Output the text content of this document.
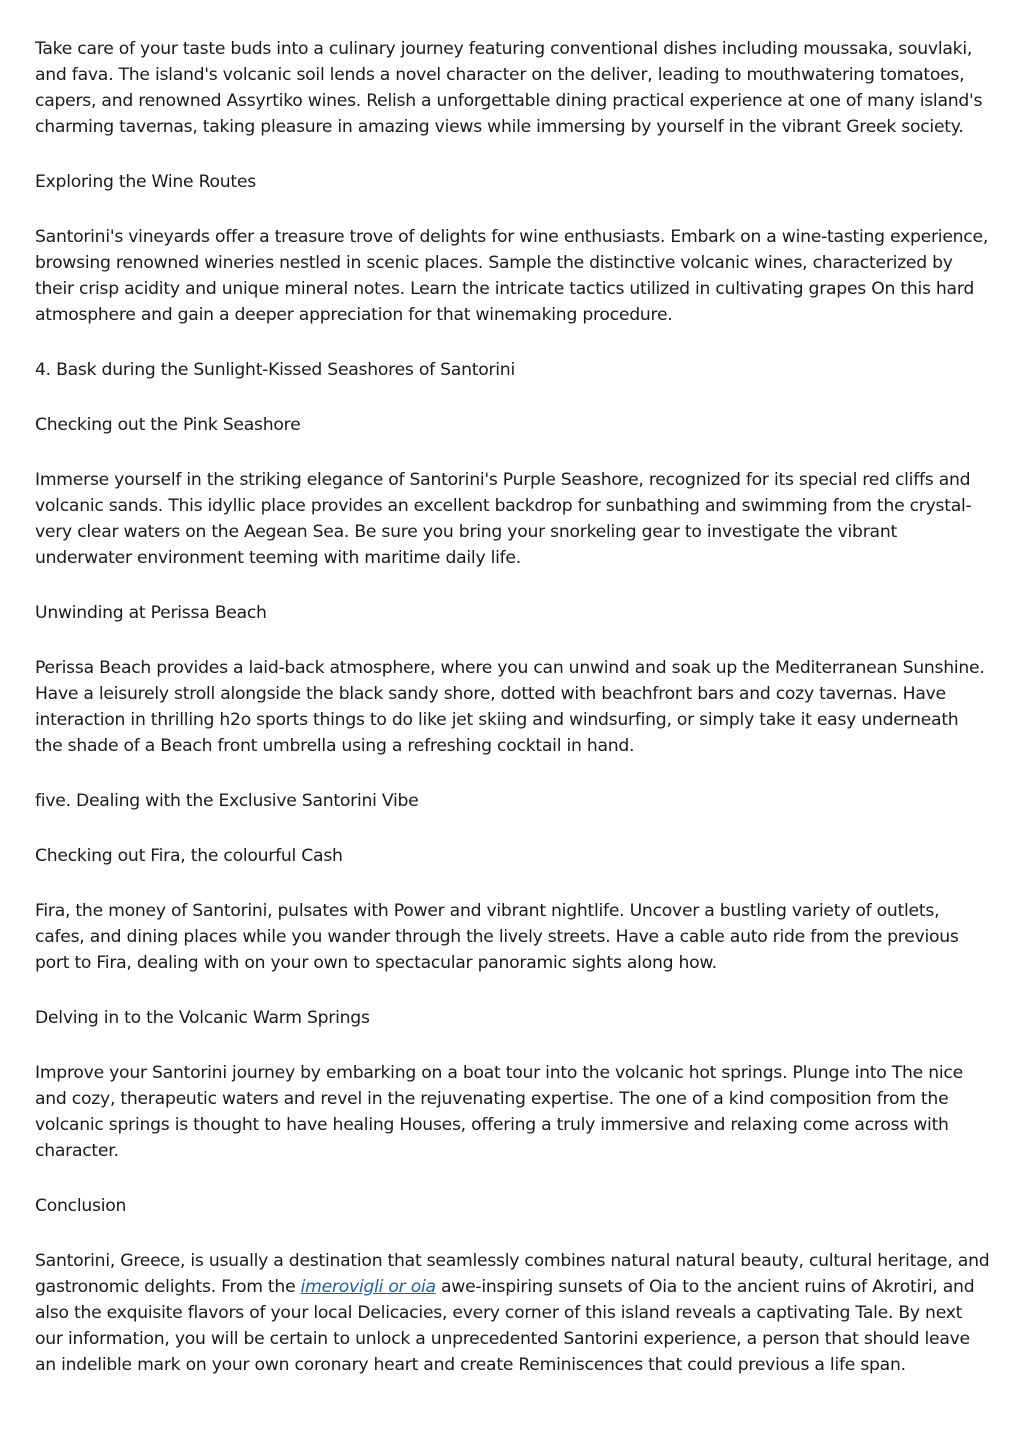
Take care of your taste buds into a culinary journey featuring conventional dishes including moussaka, souvlaki, and fava. The island's volcanic soil lends a novel character on the deliver, leading to mouthwatering tomatoes, capers, and renowned Assyrtiko wines. Relish a unforgettable dining practical experience at one of many island's charming tavernas, taking pleasure in amazing views while immersing by yourself in the vibrant Greek society.

Exploring the Wine Routes

Santorini's vineyards offer a treasure trove of delights for wine enthusiasts. Embark on a wine-tasting experience, browsing renowned wineries nestled in scenic places. Sample the distinctive volcanic wines, characterized by their crisp acidity and unique mineral notes. Learn the intricate tactics utilized in cultivating grapes On this hard atmosphere and gain a deeper appreciation for that winemaking procedure.

4. Bask during the Sunlight-Kissed Seashores of Santorini

Checking out the Pink Seashore

Immerse yourself in the striking elegance of Santorini's Purple Seashore, recognized for its special red cliffs and volcanic sands. This idyllic place provides an excellent backdrop for sunbathing and swimming from the crystal-very clear waters on the Aegean Sea. Be sure you bring your snorkeling gear to investigate the vibrant underwater environment teeming with maritime daily life.

Unwinding at Perissa Beach

Perissa Beach provides a laid-back atmosphere, where you can unwind and soak up the Mediterranean Sunshine. Have a leisurely stroll alongside the black sandy shore, dotted with beachfront bars and cozy tavernas. Have interaction in thrilling h2o sports things to do like jet skiing and windsurfing, or simply take it easy underneath the shade of a Beach front umbrella using a refreshing cocktail in hand.

five. Dealing with the Exclusive Santorini Vibe

Checking out Fira, the colourful Cash

Fira, the money of Santorini, pulsates with Power and vibrant nightlife. Uncover a bustling variety of outlets, cafes, and dining places while you wander through the lively streets. Have a cable auto ride from the previous port to Fira, dealing with on your own to spectacular panoramic sights along how.

Delving in to the Volcanic Warm Springs

Improve your Santorini journey by embarking on a boat tour into the volcanic hot springs. Plunge into The nice and cozy, therapeutic waters and revel in the rejuvenating expertise. The one of a kind composition from the volcanic springs is thought to have healing Houses, offering a truly immersive and relaxing come across with character.

Conclusion

Santorini, Greece, is usually a destination that seamlessly combines natural natural beauty, cultural heritage, and gastronomic delights. From the imerovigli or oia awe-inspiring sunsets of Oia to the ancient ruins of Akrotiri, and also the exquisite flavors of your local Delicacies, every corner of this island reveals a captivating Tale. By next our information, you will be certain to unlock a unprecedented Santorini experience, a person that should leave an indelible mark on your own coronary heart and create Reminiscences that could previous a life span.
